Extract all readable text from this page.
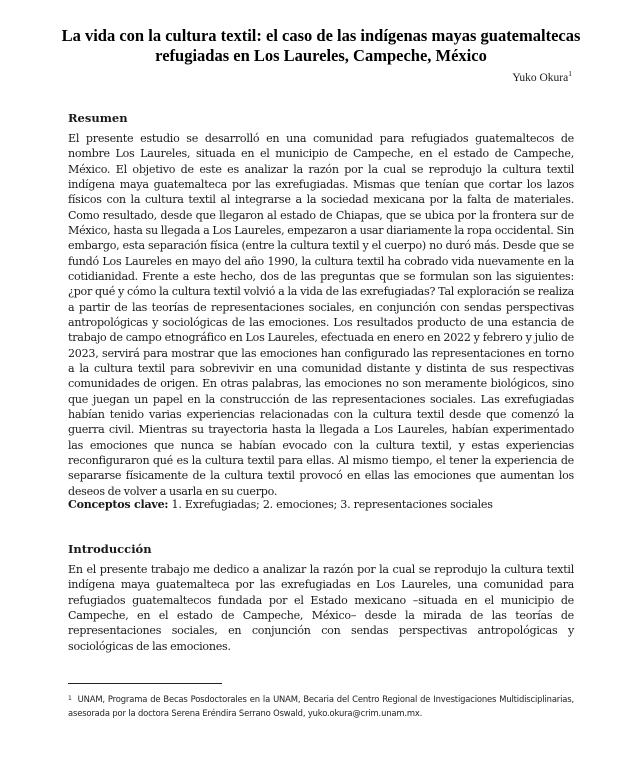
La vida con la cultura textil: el caso de las indígenas mayas guatemaltecas refugiadas en Los Laureles, Campeche, México
Yuko Okura$^1$
Resumen
El presente estudio se desarrolló en una comunidad para refugiados guatemaltecos de nombre Los Laureles, situada en el municipio de Campeche, en el estado de Campeche, México. El objetivo de este es analizar la razón por la cual se reprodujo la cultura textil indígena maya guatemalteca por las exrefugiadas. Mismas que tenían que cortar los lazos físicos con la cultura textil al integrarse a la sociedad mexicana por la falta de materiales. Como resultado, desde que llegaron al estado de Chiapas, que se ubica por la frontera sur de México, hasta su llegada a Los Laureles, empezaron a usar diariamente la ropa occidental. Sin embargo, esta separación física (entre la cultura textil y el cuerpo) no duró más. Desde que se fundó Los Laureles en mayo del año 1990, la cultura textil ha cobrado vida nuevamente en la cotidianidad. Frente a este hecho, dos de las preguntas que se formulan son las siguientes: ¿por qué y cómo la cultura textil volvió a la vida de las exrefugiadas? Tal exploración se realiza a partir de las teorías de representaciones sociales, en conjunción con sendas perspectivas antropológicas y sociológicas de las emociones. Los resultados producto de una estancia de trabajo de campo etnográfico en Los Laureles, efectuada en enero en 2022 y febrero y julio de 2023, servirá para mostrar que las emociones han configurado las representaciones en torno a la cultura textil para sobrevivir en una comunidad distante y distinta de sus respectivas comunidades de origen. En otras palabras, las emociones no son meramente biológicos, sino que juegan un papel en la construcción de las representaciones sociales. Las exrefugiadas habían tenido varias experiencias relacionadas con la cultura textil desde que comenzó la guerra civil. Mientras su trayectoria hasta la llegada a Los Laureles, habían experimentado las emociones que nunca se habían evocado con la cultura textil, y estas experiencias reconfiguraron qué es la cultura textil para ellas. Al mismo tiempo, el tener la experiencia de separarse físicamente de la cultura textil provocó en ellas las emociones que aumentan los deseos de volver a usarla en su cuerpo.
Conceptos clave: 1. Exrefugiadas; 2. emociones; 3. representaciones sociales
Introducción
En el presente trabajo me dedico a analizar la razón por la cual se reprodujo la cultura textil indígena maya guatemalteca por las exrefugiadas en Los Laureles, una comunidad para refugiados guatemaltecos fundada por el Estado mexicano –situada en el municipio de Campeche, en el estado de Campeche, México– desde la mirada de las teorías de representaciones sociales, en conjunción con sendas perspectivas antropológicas y sociológicas de las emociones.
$^1$ UNAM, Programa de Becas Posdoctorales en la UNAM, Becaria del Centro Regional de Investigaciones Multidisciplinarias, asesorada por la doctora Serena Eréndira Serrano Oswald, yuko.okura@crim.unam.mx.
